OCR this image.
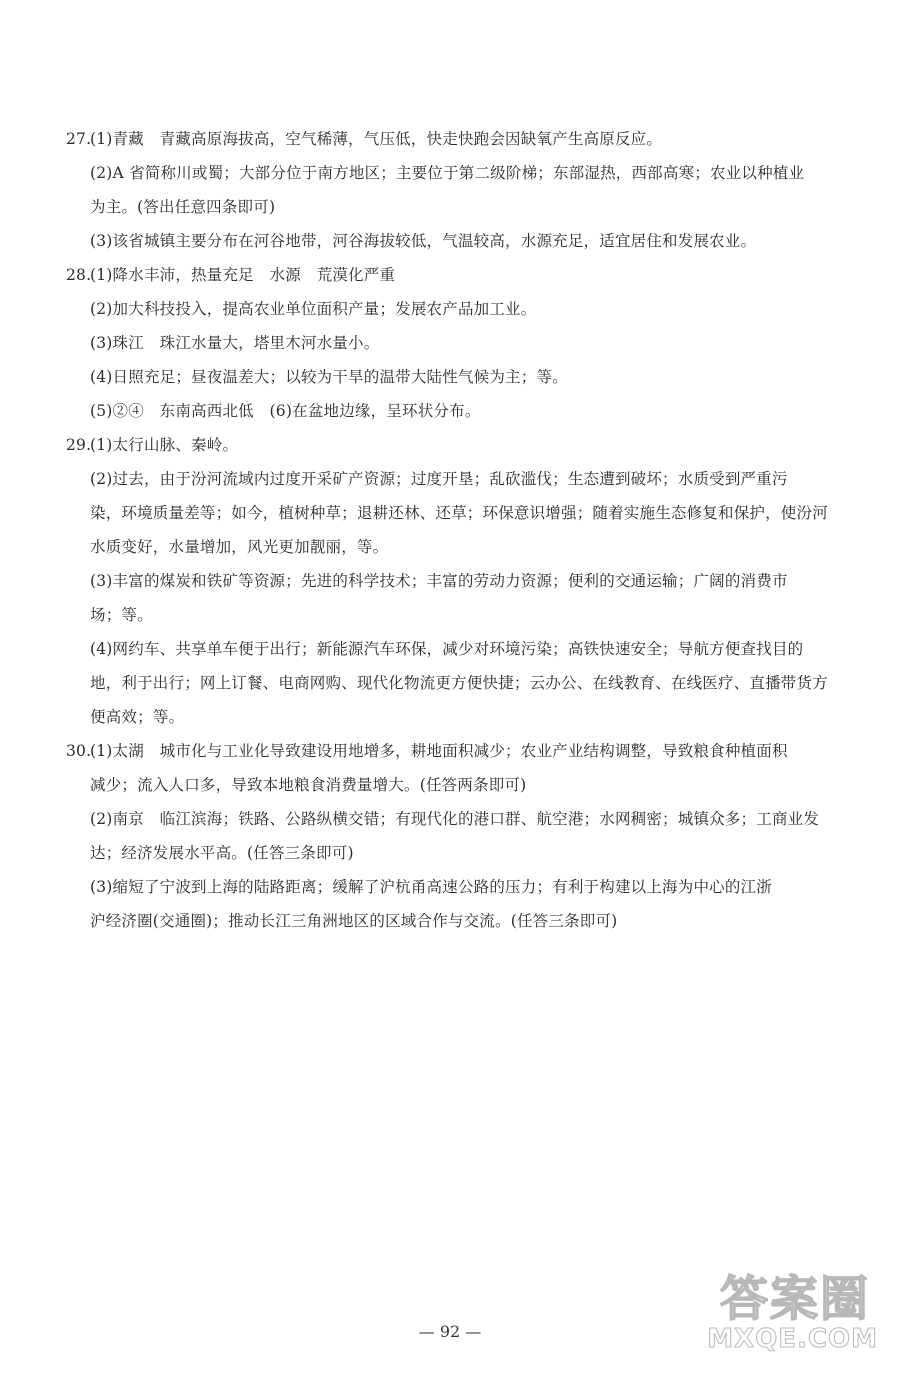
27.
(1)青藏　青藏高原海拔高，空气稀薄，气压低，快走快跑会因缺氧产生高原反应。
(2)A 省简称川或蜀；大部分位于南方地区；主要位于第二级阶梯；东部湿热，西部高寒；农业以种植业
为主。(答出任意四条即可)
(3)该省城镇主要分布在河谷地带，河谷海拔较低，气温较高，水源充足，适宜居住和发展农业。
28.
(1)降水丰沛，热量充足　水源　荒漠化严重
(2)加大科技投入，提高农业单位面积产量；发展农产品加工业。
(3)珠江　珠江水量大，塔里木河水量小。
(4)日照充足；昼夜温差大；以较为干旱的温带大陆性气候为主；等。
(5)②④　东南高西北低　(6)在盆地边缘，呈环状分布。
29.
(1)太行山脉、秦岭。
(2)过去，由于汾河流域内过度开采矿产资源；过度开垦；乱砍滥伐；生态遭到破坏；水质受到严重污
染，环境质量差等；如今，植树种草；退耕还林、还草；环保意识增强；随着实施生态修复和保护，使汾河
水质变好，水量增加，风光更加靓丽，等。
(3)丰富的煤炭和铁矿等资源；先进的科学技术；丰富的劳动力资源；便利的交通运输；广阔的消费市
场；等。
(4)网约车、共享单车便于出行；新能源汽车环保，减少对环境污染；高铁快速安全；导航方便查找目的
地，利于出行；网上订餐、电商网购、现代化物流更方便快捷；云办公、在线教育、在线医疗、直播带货方
便高效；等。
30.
(1)太湖　城市化与工业化导致建设用地增多，耕地面积减少；农业产业结构调整，导致粮食种植面积
减少；流入人口多，导致本地粮食消费量增大。(任答两条即可)
(2)南京　临江滨海；铁路、公路纵横交错；有现代化的港口群、航空港；水网稠密；城镇众多；工商业发
达；经济发展水平高。(任答三条即可)
(3)缩短了宁波到上海的陆路距离；缓解了沪杭甬高速公路的压力；有利于构建以上海为中心的江浙
沪经济圈(交通圈)；推动长江三角洲地区的区域合作与交流。(任答三条即可)
— 92 —
答案圈
MXQE.COM
